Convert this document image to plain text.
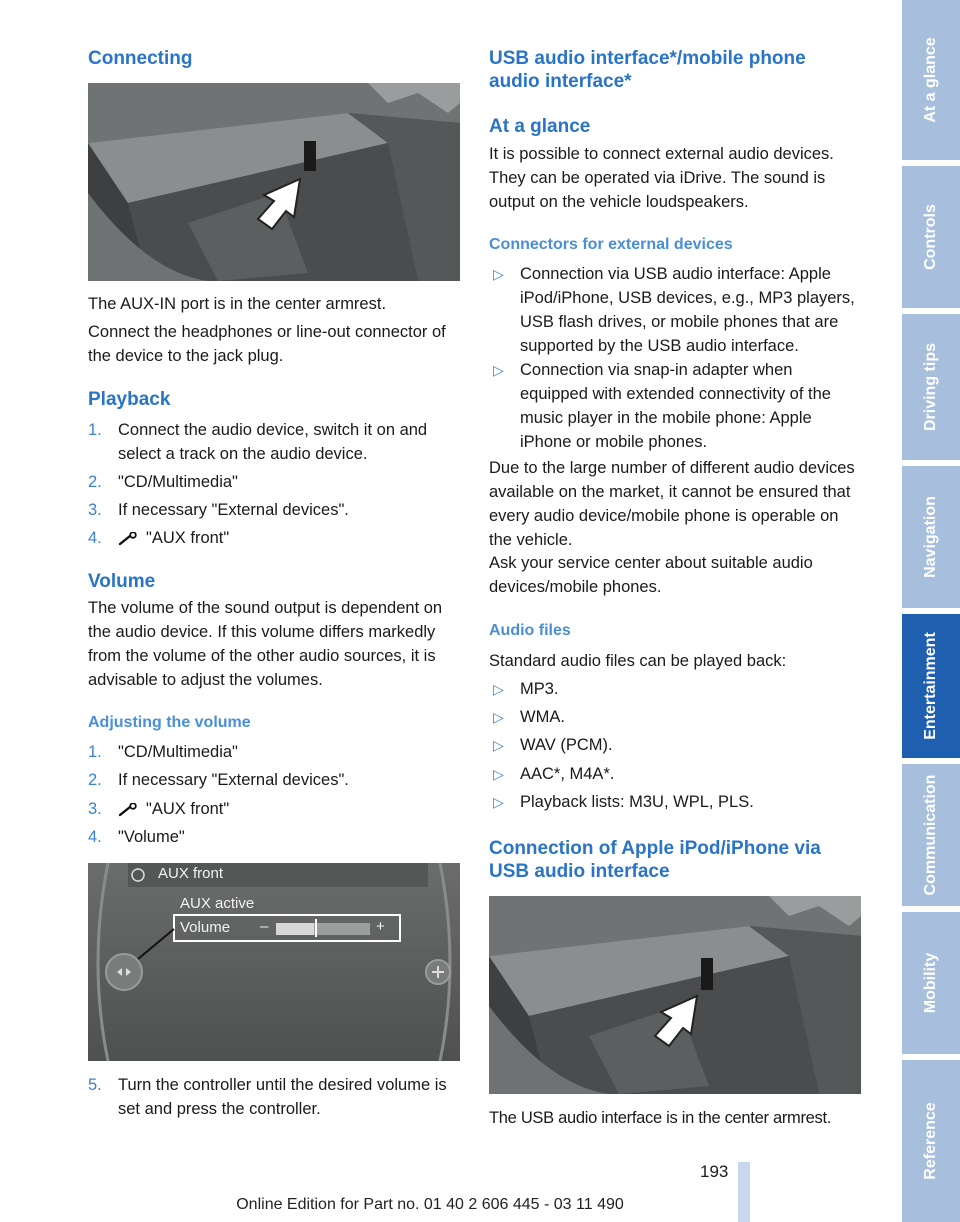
Connecting

The AUX-IN port is in the center armrest.

Connect the headphones or line-out connector of the device to the jack plug.

Playback
1. Connect the audio device, switch it on and select a track on the audio device.
2. "CD/Multimedia"
3. If necessary "External devices".
4.	"AUX front"
Volume

The volume of the sound output is dependent on the audio device. If this volume differs markedly from the volume of the other audio sources, it is advisable to adjust the volumes.

Adjusting the volume
1. "CD/Multimedia"
2. If necessary "External devices".
3.	"AUX front"
4. "Volume"
AUX front
AUX active
Volume –	+
5. Turn the controller until the desired volume is set and press the controller.
USB audio interface*/mobile phone audio interface*
At a glance

It is possible to connect external audio devices. They can be operated via iDrive. The sound is output on the vehicle loudspeakers.

Connectors for external devices
▷ Connection via USB audio interface: Apple iPod/iPhone, USB devices, e.g., MP3 players, USB flash drives, or mobile phones that are supported by the USB audio interface.
▷ Connection via snap-in adapter when equipped with extended connectivity of the music player in the mobile phone: Apple iPhone or mobile phones.

Due to the large number of different audio devices available on the market, it cannot be ensured that every audio device/mobile phone is operable on the vehicle.

Ask your service center about suitable audio devices/mobile phones.

Audio files

Standard audio files can be played back:

▷ MP3.
▷ WMA.
▷ WAV (PCM).
▷ AAC*, M4A*.
▷ Playback lists: M3U, WPL, PLS.
Connection of Apple iPod/iPhone via USB audio interface

The USB audio interface is in the center armrest.

At a glance
Controls
Driving tips
Navigation
Entertainment
Communication
Mobility
Reference
193
Online Edition for Part no. 01 40 2 606 445 - 03 11 490
